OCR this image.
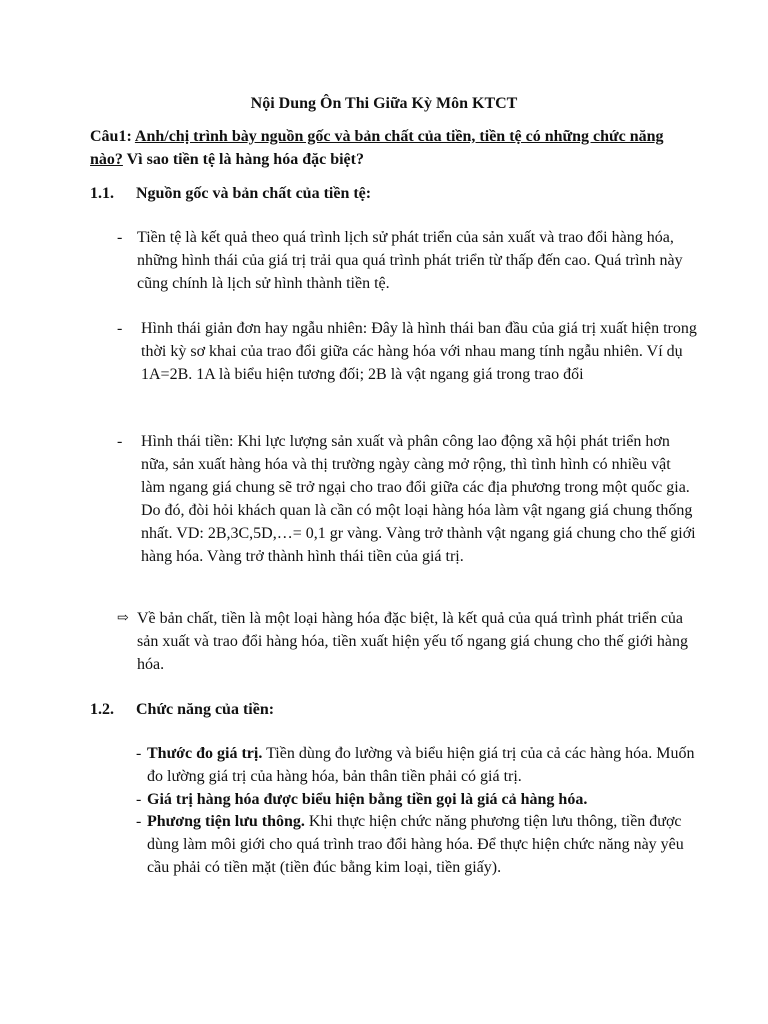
Nội Dung Ôn Thi Giữa Kỳ Môn KTCT
Câu1: Anh/chị trình bày nguồn gốc và bản chất của tiền, tiền tệ có những chức năng nào? Vì sao tiền tệ là hàng hóa đặc biệt?
1.1. Nguồn gốc và bản chất của tiền tệ:
- Tiền tệ là kết quả theo quá trình lịch sử phát triển của sản xuất và trao đổi hàng hóa, những hình thái của giá trị trải qua quá trình phát triển từ thấp đến cao. Quá trình này cũng chính là lịch sử hình thành tiền tệ.
- Hình thái giản đơn hay ngẫu nhiên: Đây là hình thái ban đầu của giá trị xuất hiện trong thời kỳ sơ khai của trao đổi giữa các hàng hóa với nhau mang tính ngẫu nhiên. Ví dụ 1A=2B. 1A là biểu hiện tương đối; 2B là vật ngang giá trong trao đổi
- Hình thái tiền: Khi lực lượng sản xuất và phân công lao động xã hội phát triển hơn nữa, sản xuất hàng hóa và thị trường ngày càng mở rộng, thì tình hình có nhiều vật làm ngang giá chung sẽ trở ngại cho trao đổi giữa các địa phương trong một quốc gia. Do đó, đòi hỏi khách quan là cần có một loại hàng hóa làm vật ngang giá chung thống nhất. VD: 2B,3C,5D,…= 0,1 gr vàng. Vàng trở thành vật ngang giá chung cho thế giới hàng hóa. Vàng trở thành hình thái tiền của giá trị.
⇨ Về bản chất, tiền là một loại hàng hóa đặc biệt, là kết quả của quá trình phát triển của sản xuất và trao đổi hàng hóa, tiền xuất hiện yếu tố ngang giá chung cho thế giới hàng hóa.
1.2. Chức năng của tiền:
- Thước đo giá trị. Tiền dùng đo lường và biểu hiện giá trị của cả các hàng hóa. Muốn đo lường giá trị của hàng hóa, bản thân tiền phải có giá trị.
- Giá trị hàng hóa được biểu hiện bằng tiền gọi là giá cả hàng hóa.
- Phương tiện lưu thông. Khi thực hiện chức năng phương tiện lưu thông, tiền được dùng làm môi giới cho quá trình trao đổi hàng hóa. Để thực hiện chức năng này yêu cầu phải có tiền mặt (tiền đúc bằng kim loại, tiền giấy).
